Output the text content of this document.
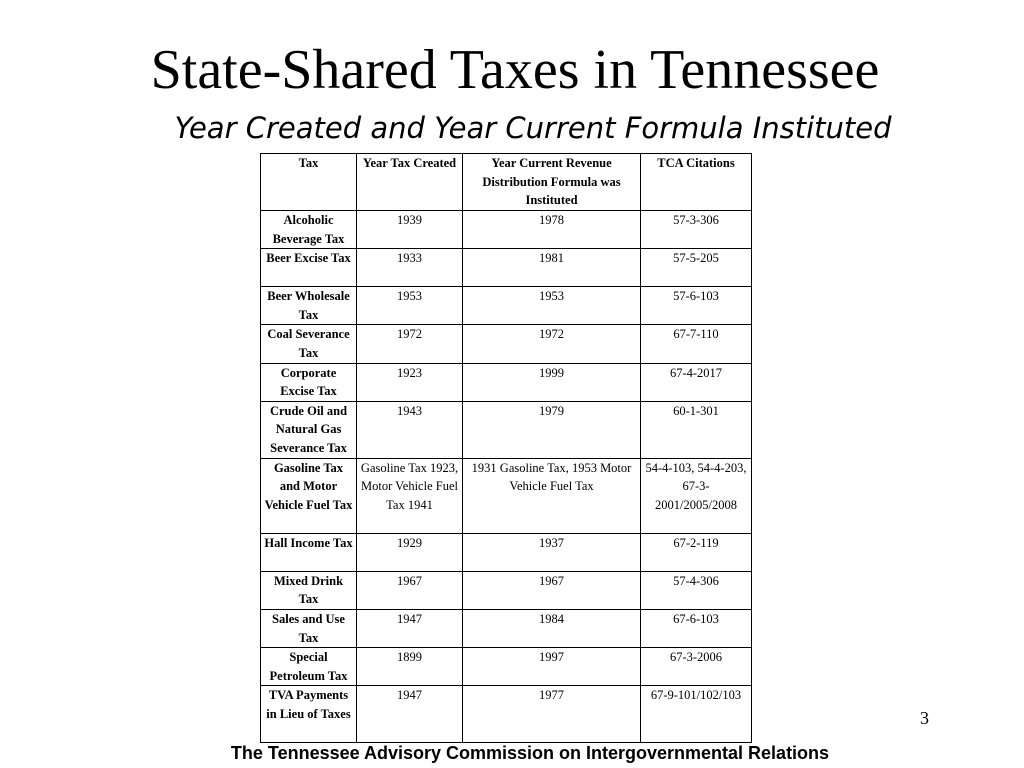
State-Shared Taxes in Tennessee
Year Created and Year Current Formula Instituted
Tax	Year Tax Created	Year Current Revenue Distribution Formula was Instituted	TCA Citations
Alcoholic Beverage Tax	1939	1978	57-3-306
Beer Excise Tax	1933	1981	57-5-205
Beer Wholesale Tax	1953	1953	57-6-103
Coal Severance Tax	1972	1972	67-7-110
Corporate Excise Tax	1923	1999	67-4-2017
Crude Oil and Natural Gas Severance Tax	1943	1979	60-1-301
Gasoline Tax and Motor Vehicle Fuel Tax	Gasoline Tax 1923, Motor Vehicle Fuel Tax 1941	1931 Gasoline Tax, 1953 Motor Vehicle Fuel Tax	54-4-103, 54-4-203, 67-3-2001/2005/2008
Hall Income Tax	1929	1937	67-2-119
Mixed Drink Tax	1967	1967	57-4-306
Sales and Use Tax	1947	1984	67-6-103
Special Petroleum Tax	1899	1997	67-3-2006
TVA Payments in Lieu of Taxes	1947	1977	67-9-101/102/103
3
The Tennessee Advisory Commission on Intergovernmental Relations
